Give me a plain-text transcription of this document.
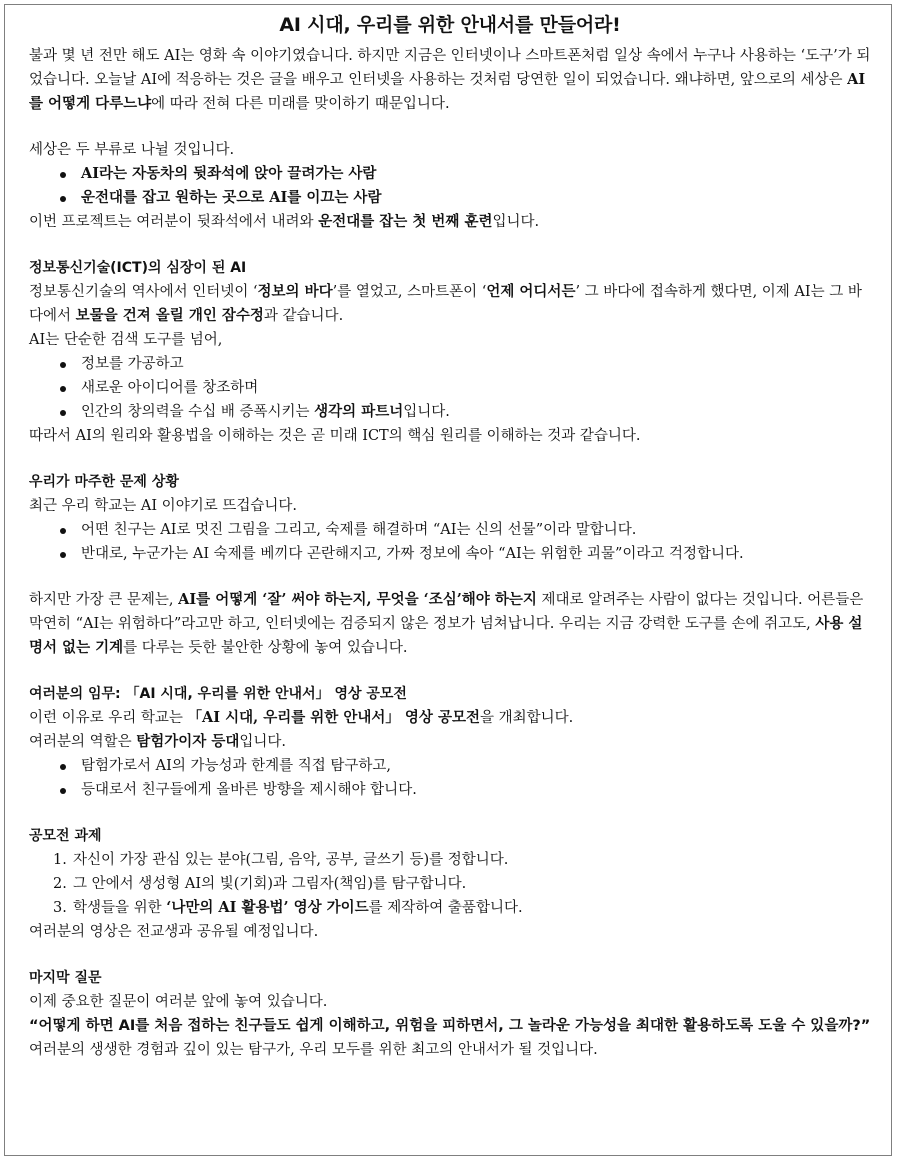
AI 시대, 우리를 위한 안내서를 만들어라!

불과 몇 년 전만 해도 AI는 영화 속 이야기였습니다. 하지만 지금은 인터넷이나 스마트폰처럼 일상 속에서 누구나 사용하는 ‘도구’가 되었습니다. 오늘날 AI에 적응하는 것은 글을 배우고 인터넷을 사용하는 것처럼 당연한 일이 되었습니다. 왜냐하면, 앞으로의 세상은 AI를 어떻게 다루느냐에 따라 전혀 다른 미래를 맞이하기 때문입니다.

세상은 두 부류로 나뉠 것입니다.

AI라는 자동차의 뒷좌석에 앉아 끌려가는 사람
운전대를 잡고 원하는 곳으로 AI를 이끄는 사람

이번 프로젝트는 여러분이 뒷좌석에서 내려와 운전대를 잡는 첫 번째 훈련입니다.

정보통신기술(ICT)의 심장이 된 AI

정보통신기술의 역사에서 인터넷이 ‘정보의 바다’를 열었고, 스마트폰이 ‘언제 어디서든’ 그 바다에 접속하게 했다면, 이제 AI는 그 바다에서 보물을 건져 올릴 개인 잠수정과 같습니다.

AI는 단순한 검색 도구를 넘어,

정보를 가공하고
새로운 아이디어를 창조하며
인간의 창의력을 수십 배 증폭시키는 생각의 파트너입니다.

따라서 AI의 원리와 활용법을 이해하는 것은 곧 미래 ICT의 핵심 원리를 이해하는 것과 같습니다.

우리가 마주한 문제 상황

최근 우리 학교는 AI 이야기로 뜨겁습니다.

어떤 친구는 AI로 멋진 그림을 그리고, 숙제를 해결하며 “AI는 신의 선물”이라 말합니다.
반대로, 누군가는 AI 숙제를 베끼다 곤란해지고, 가짜 정보에 속아 “AI는 위험한 괴물”이라고 걱정합니다.

하지만 가장 큰 문제는, AI를 어떻게 ‘잘’ 써야 하는지, 무엇을 ‘조심’해야 하는지 제대로 알려주는 사람이 없다는 것입니다. 어른들은 막연히 “AI는 위험하다”라고만 하고, 인터넷에는 검증되지 않은 정보가 넘쳐납니다. 우리는 지금 강력한 도구를 손에 쥐고도, 사용 설명서 없는 기계를 다루는 듯한 불안한 상황에 놓여 있습니다.

여러분의 임무: 「AI 시대, 우리를 위한 안내서」 영상 공모전

이런 이유로 우리 학교는 「AI 시대, 우리를 위한 안내서」 영상 공모전을 개최합니다.

여러분의 역할은 탐험가이자 등대입니다.

탐험가로서 AI의 가능성과 한계를 직접 탐구하고,
등대로서 친구들에게 올바른 방향을 제시해야 합니다.

공모전 과제

1. 자신이 가장 관심 있는 분야(그림, 음악, 공부, 글쓰기 등)를 정합니다.
2. 그 안에서 생성형 AI의 빛(기회)과 그림자(책임)를 탐구합니다.
3. 학생들을 위한 ‘나만의 AI 활용법’ 영상 가이드를 제작하여 출품합니다.

여러분의 영상은 전교생과 공유될 예정입니다.

마지막 질문

이제 중요한 질문이 여러분 앞에 놓여 있습니다.

“어떻게 하면 AI를 처음 접하는 친구들도 쉽게 이해하고, 위험을 피하면서, 그 놀라운 가능성을 최대한 활용하도록 도울 수 있을까?”

여러분의 생생한 경험과 깊이 있는 탐구가, 우리 모두를 위한 최고의 안내서가 될 것입니다.
